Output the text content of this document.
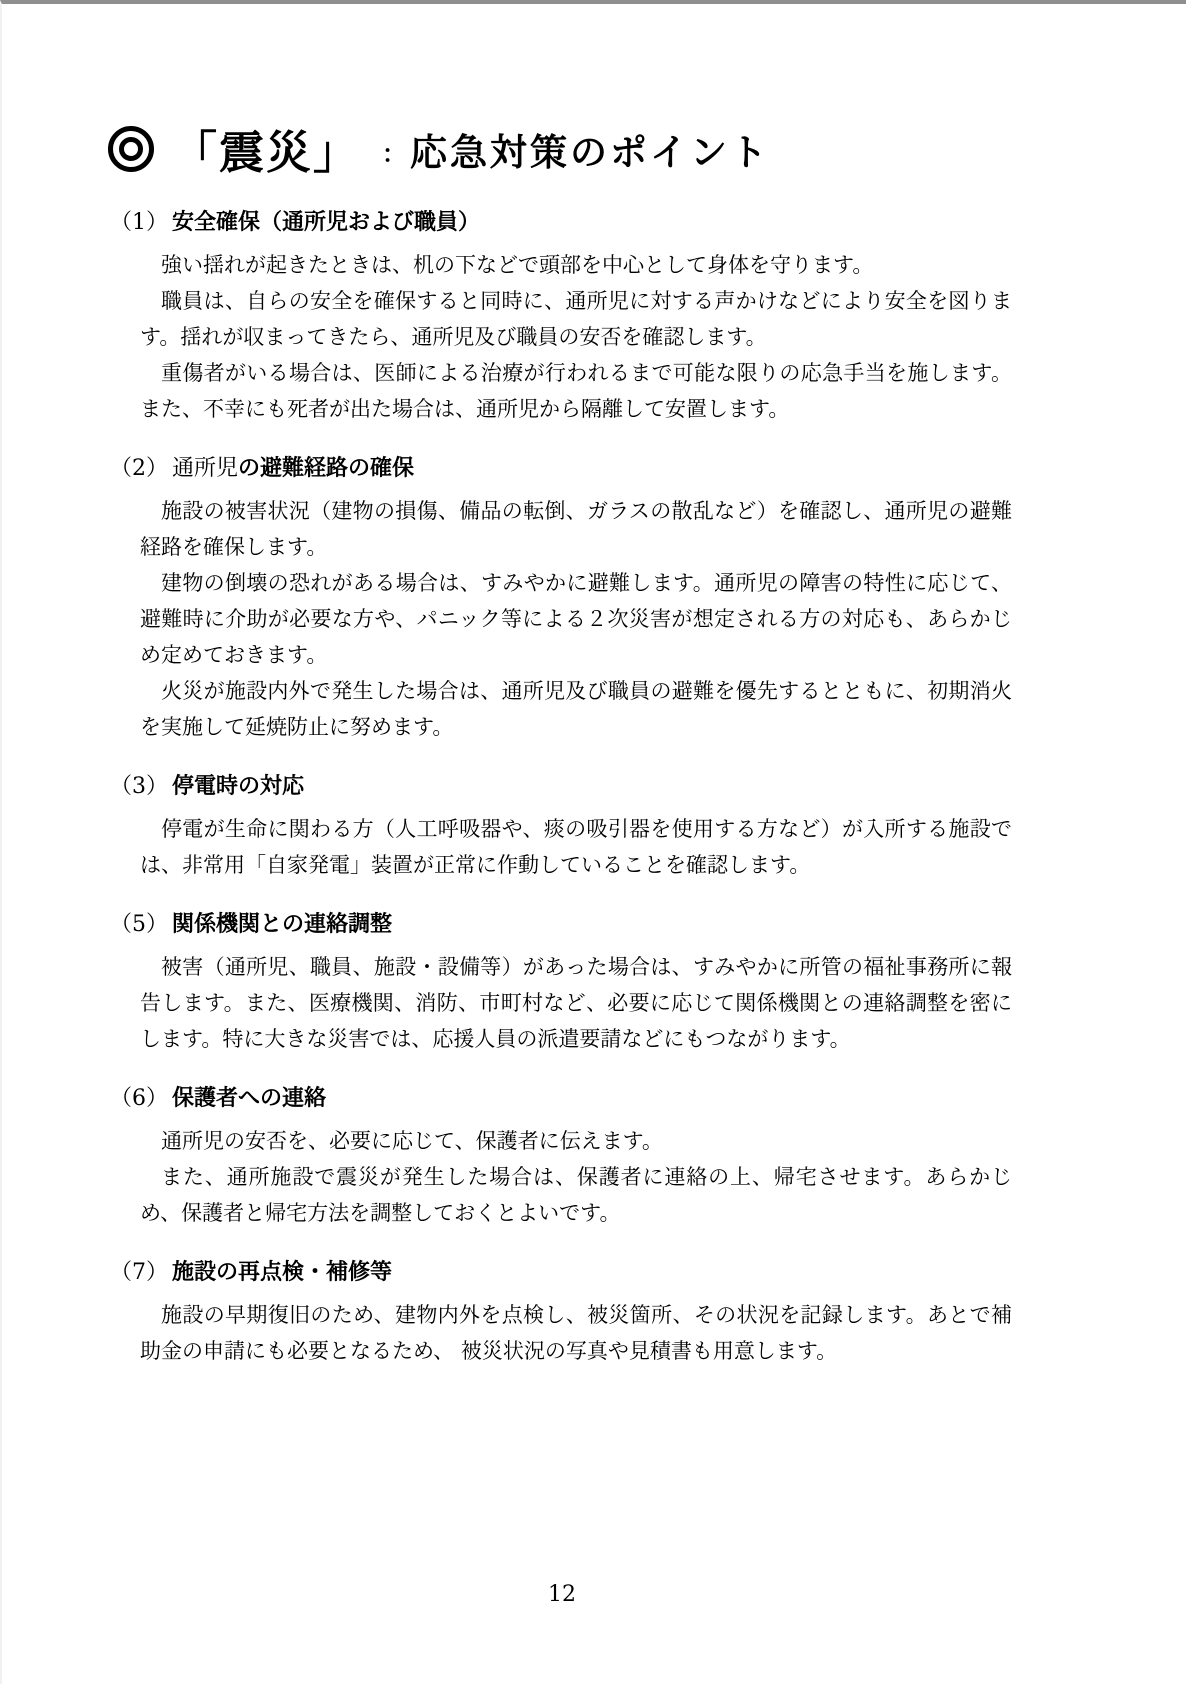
「震災」 ： 応急対策のポイント
（1） 安全確保（通所児および職員）

強い揺れが起きたときは、机の下などで頭部を中心として身体を守ります。

職員は、自らの安全を確保すると同時に、通所児に対する声かけなどにより安全を図ります。揺れが収まってきたら、通所児及び職員の安否を確認します。

重傷者がいる場合は、医師による治療が行われるまで可能な限りの応急手当を施します。また、不幸にも死者が出た場合は、通所児から隔離して安置します。

（2） 通所児の避難経路の確保

施設の被害状況（建物の損傷、備品の転倒、ガラスの散乱など）を確認し、通所児の避難経路を確保します。

建物の倒壊の恐れがある場合は、すみやかに避難します。通所児の障害の特性に応じて、避難時に介助が必要な方や、パニック等による２次災害が想定される方の対応も、あらかじめ定めておきます。

火災が施設内外で発生した場合は、通所児及び職員の避難を優先するとともに、初期消火を実施して延焼防止に努めます。

（3） 停電時の対応

停電が生命に関わる方（人工呼吸器や、痰の吸引器を使用する方など）が入所する施設では、非常用「自家発電」装置が正常に作動していることを確認します。

（5） 関係機関との連絡調整

被害（通所児、職員、施設・設備等）があった場合は、すみやかに所管の福祉事務所に報告します。また、医療機関、消防、市町村など、必要に応じて関係機関との連絡調整を密にします。特に大きな災害では、応援人員の派遣要請などにもつながります。

（6） 保護者への連絡

通所児の安否を、必要に応じて、保護者に伝えます。

また、通所施設で震災が発生した場合は、保護者に連絡の上、帰宅させます。あらかじめ、保護者と帰宅方法を調整しておくとよいです。

（7） 施設の再点検・補修等

施設の早期復旧のため、建物内外を点検し、被災箇所、その状況を記録します。あとで補助金の申請にも必要となるため、 被災状況の写真や見積書も用意します。

12
